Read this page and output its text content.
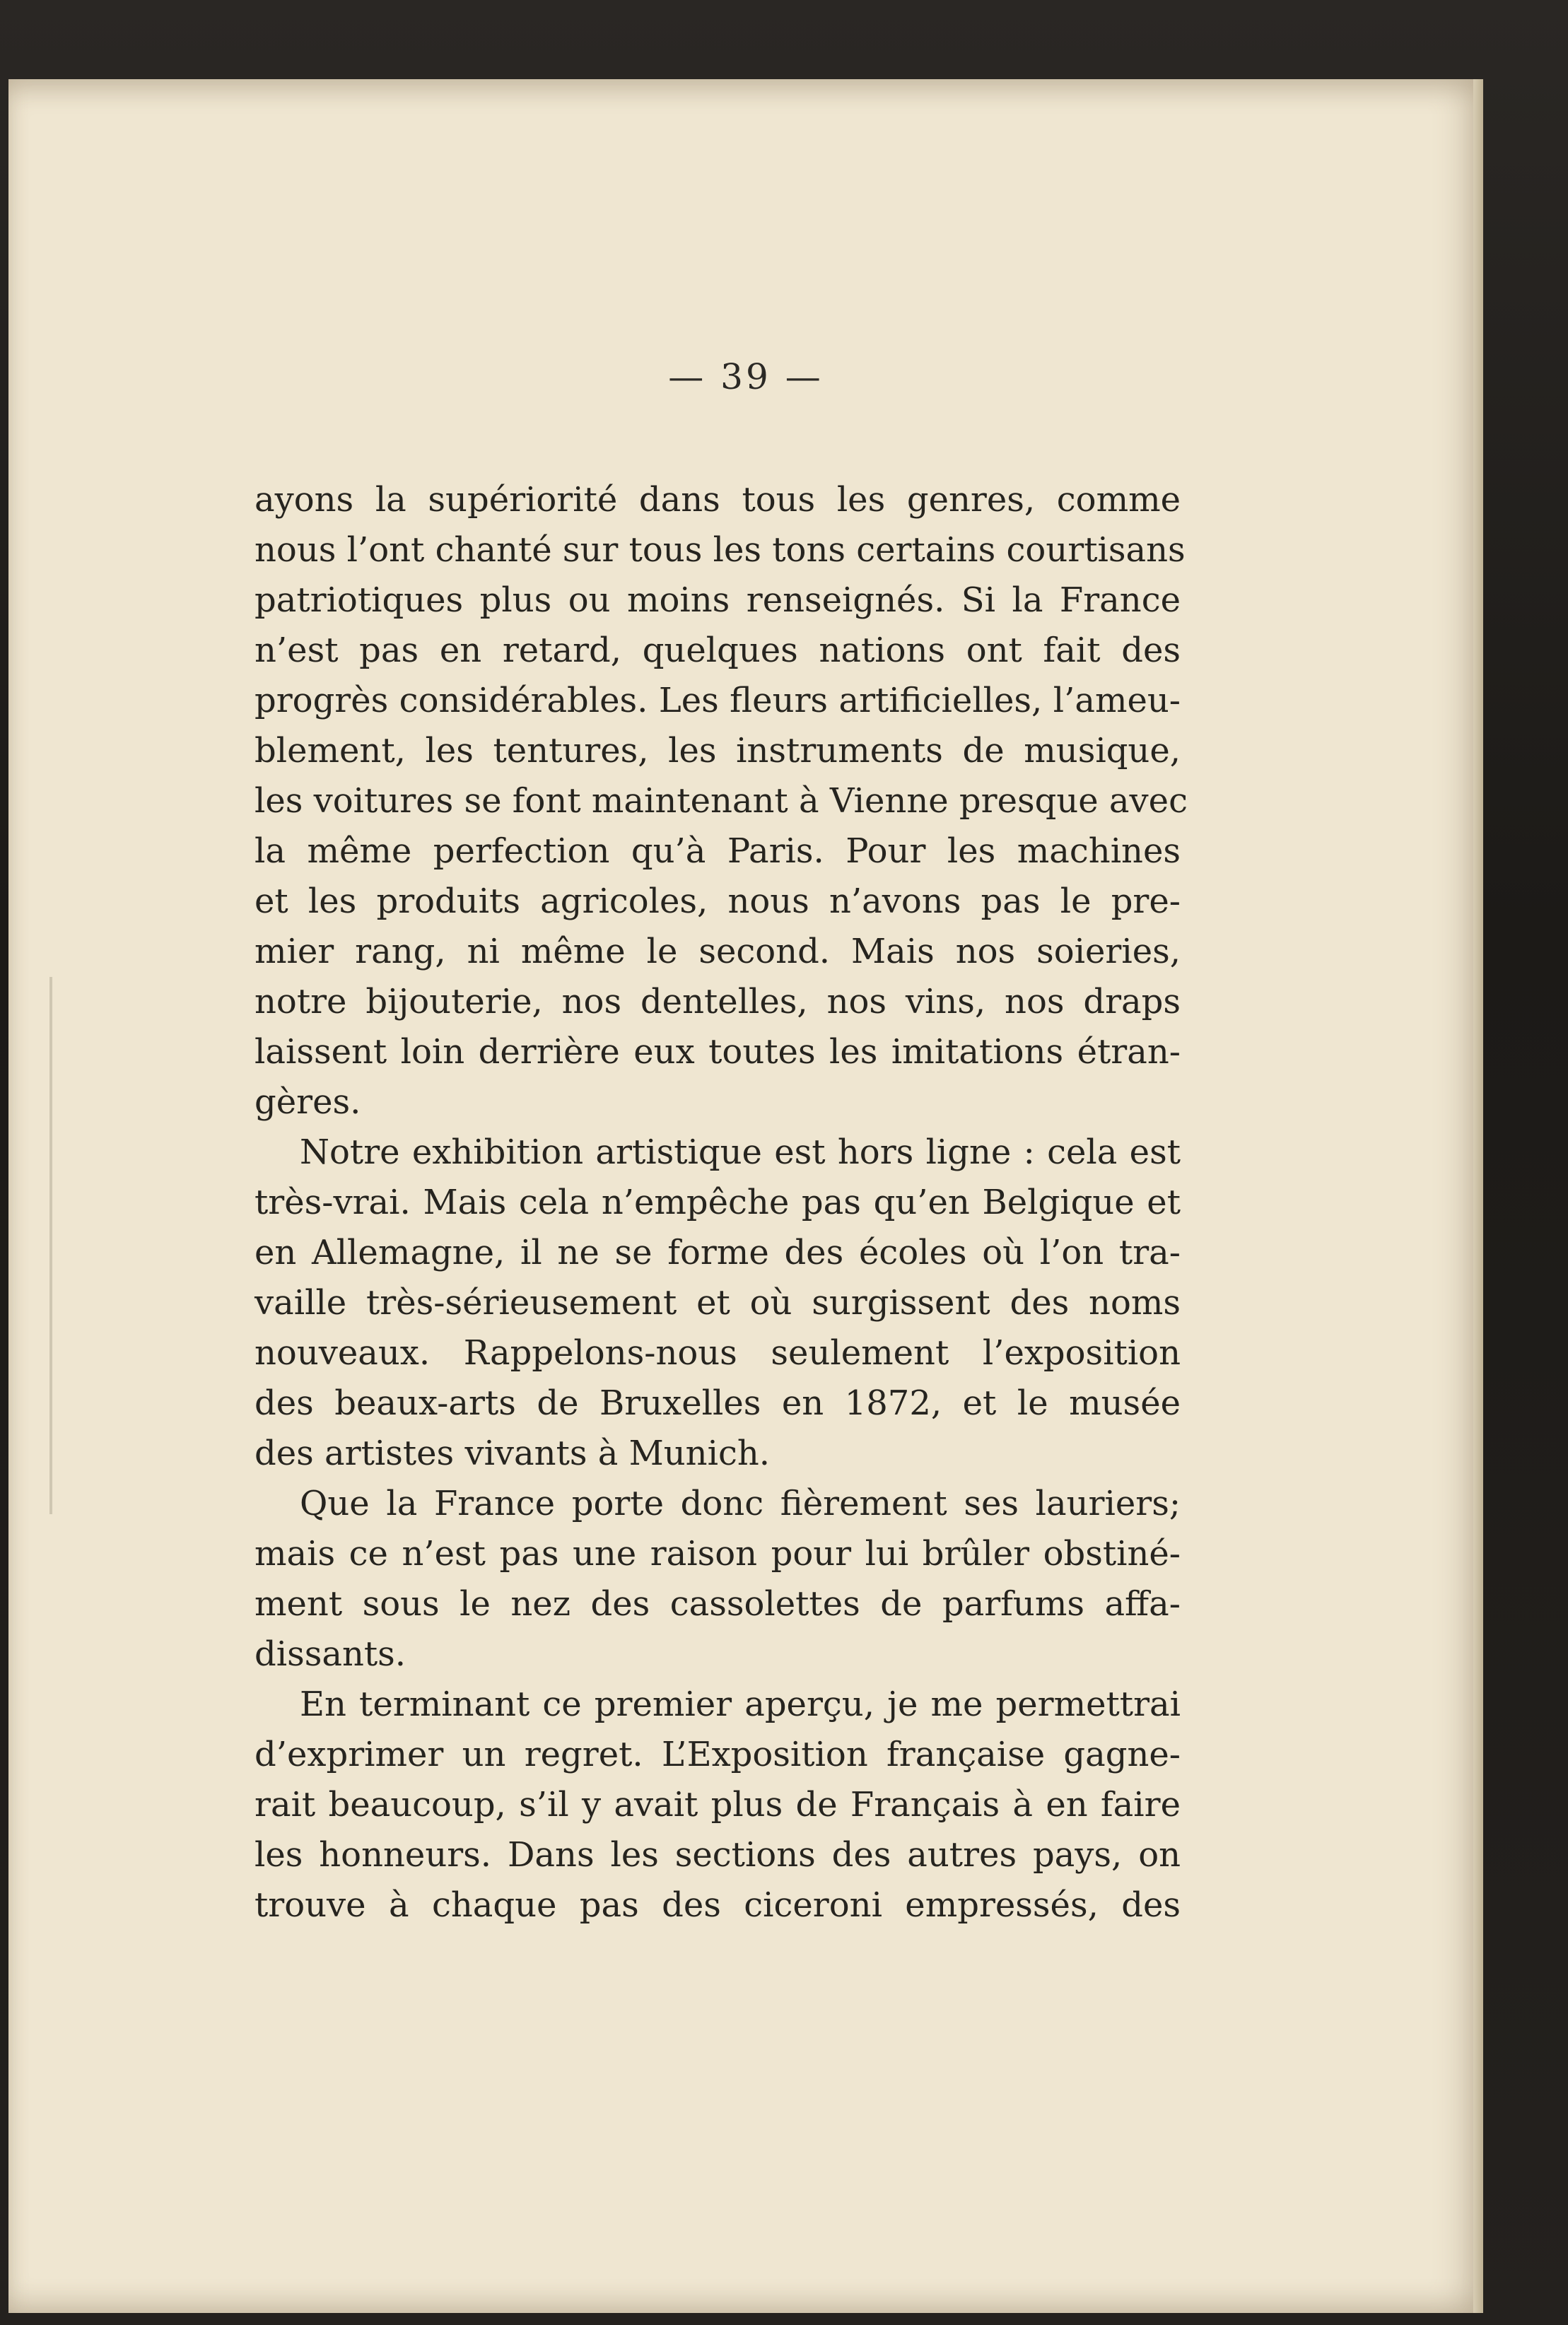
— 39 —
ayons la supériorité dans tous les genres, comme
nous l’ont chanté sur tous les tons certains courtisans
patriotiques plus ou moins renseignés. Si la France
n’est pas en retard, quelques nations ont fait des
progrès considérables. Les fleurs artificielles, l’ameu-
blement, les tentures, les instruments de musique,
les voitures se font maintenant à Vienne presque avec
la même perfection qu’à Paris. Pour les machines
et les produits agricoles, nous n’avons pas le pre-
mier rang, ni même le second. Mais nos soieries,
notre bijouterie, nos dentelles, nos vins, nos draps
laissent loin derrière eux toutes les imitations étran-
gères.
Notre exhibition artistique est hors ligne : cela est
très-vrai. Mais cela n’empêche pas qu’en Belgique et
en Allemagne, il ne se forme des écoles où l’on tra-
vaille très-sérieusement et où surgissent des noms
nouveaux. Rappelons-nous seulement l’exposition
des beaux-arts de Bruxelles en 1872, et le musée
des artistes vivants à Munich.
Que la France porte donc fièrement ses lauriers;
mais ce n’est pas une raison pour lui brûler obstiné-
ment sous le nez des cassolettes de parfums affa-
dissants.
En terminant ce premier aperçu, je me permettrai
d’exprimer un regret. L’Exposition française gagne-
rait beaucoup, s’il y avait plus de Français à en faire
les honneurs. Dans les sections des autres pays, on
trouve à chaque pas des ciceroni empressés, des
